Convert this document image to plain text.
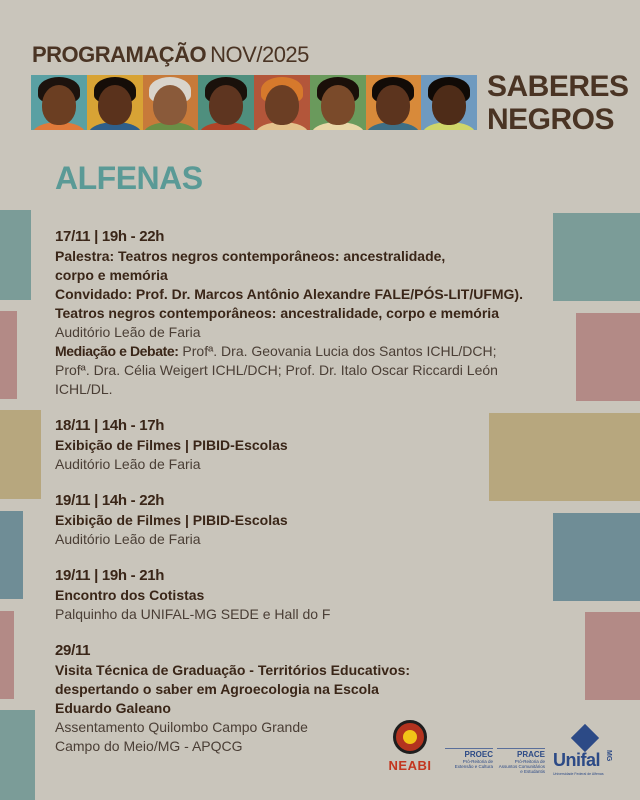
PROGRAMAÇÃO NOV/2025
SABERES
NEGROS
ALFENAS
17/11 | 19h - 22h
Palestra: Teatros negros contemporâneos: ancestralidade,
corpo e memória
Convidado: Prof. Dr. Marcos Antônio Alexandre FALE/PÓS-LIT/UFMG).
Teatros negros contemporâneos: ancestralidade, corpo e memória
Auditório Leão de Faria
Mediação e Debate: Profª. Dra. Geovania Lucia dos Santos ICHL/DCH;
Profª. Dra. Célia Weigert ICHL/DCH; Prof. Dr. Italo Oscar Riccardi León
ICHL/DL.
18/11 | 14h - 17h
Exibição de Filmes | PIBID-Escolas
Auditório Leão de Faria
19/11 | 14h - 22h
Exibição de Filmes | PIBID-Escolas
Auditório Leão de Faria
19/11 | 19h - 21h
Encontro dos Cotistas
Palquinho da UNIFAL-MG SEDE e Hall do F
29/11
Visita Técnica de Graduação - Territórios Educativos:
despertando o saber em Agroecologia na Escola
Eduardo Galeano
Assentamento Quilombo Campo Grande
Campo do Meio/MG - APQCG
NEABI
PROEC
Pró-Reitoria de Extensão e Cultura
PRACE
Pró-Reitoria de Assuntos Comunitários e Estudantis
Unifal MG
Universidade Federal de Alfenas
